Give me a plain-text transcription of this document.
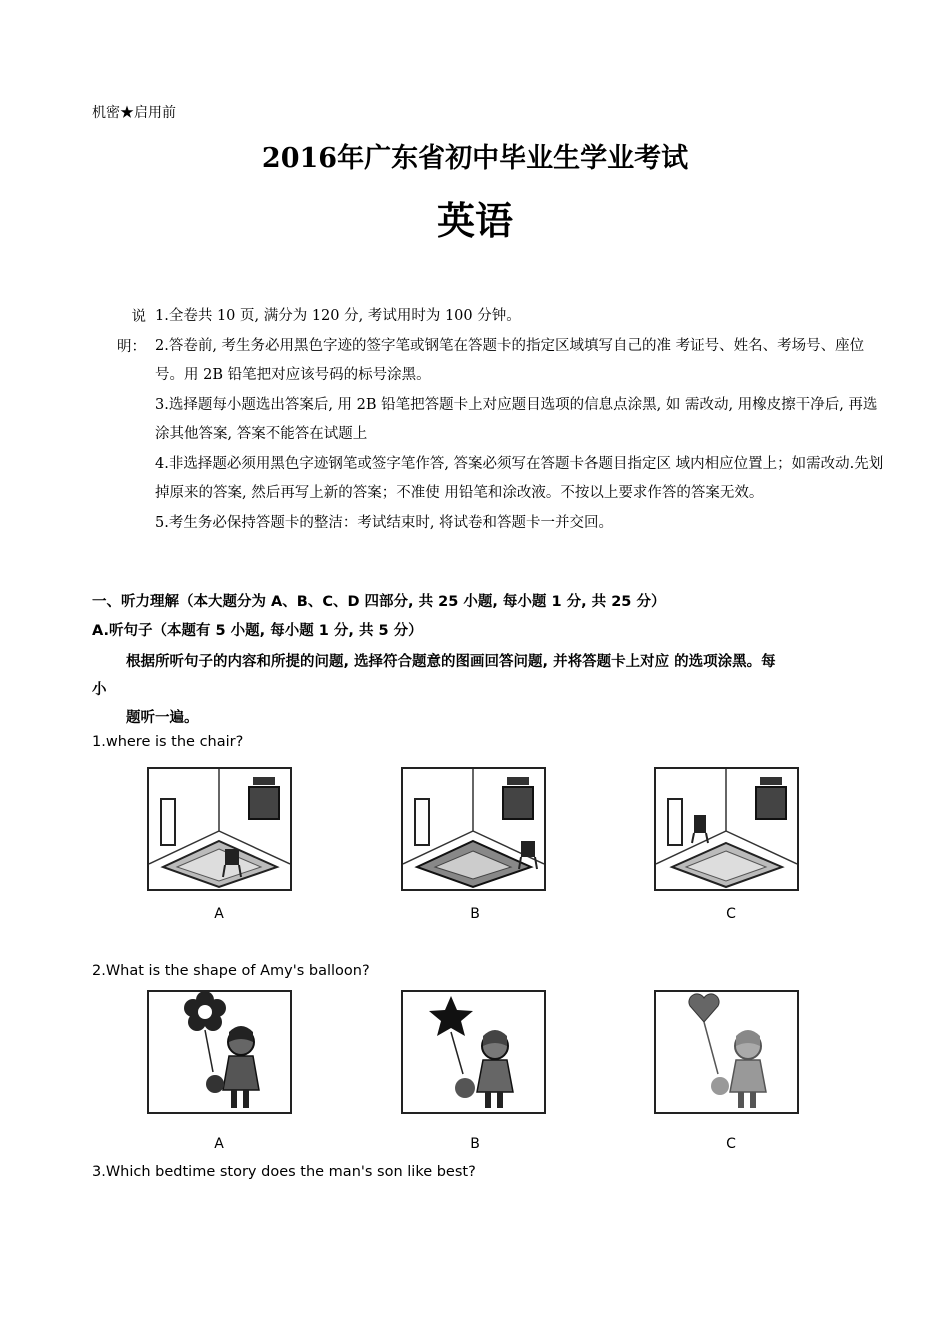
机密★启用前
2016年广东省初中毕业生学业考试
英语
说
明：

1.全卷共 10 页, 满分为 120 分, 考试用时为 100 分钟。

2.答卷前, 考生务必用黑色字迹的签字笔或钢笔在答题卡的指定区域填写自己的准 考证号、姓名、考场号、座位号。用 2B 铅笔把对应该号码的标号涂黑。

3.选择题每小题选出答案后, 用 2B 铅笔把答题卡上对应题目选项的信息点涂黑, 如 需改动, 用橡皮擦干净后, 再选涂其他答案, 答案不能答在试题上

4.非选择题必须用黑色字迹钢笔或签字笔作答, 答案必须写在答题卡各题目指定区 域内相应位置上；如需改动.先划掉原来的答案, 然后再写上新的答案；不准使 用铅笔和涂改液。不按以上要求作答的答案无效。

5.考生务必保持答题卡的整洁：考试结束时, 将试卷和答题卡一并交回。

一、听力理解（本大题分为 A、B、C、D 四部分, 共 25 小题, 每小题 1 分, 共 25 分）
A.听句子（本题有 5 小题, 每小题 1 分, 共 5 分）
根据所听句子的内容和所提的问题, 选择符合题意的图画回答问题, 并将答题卡上对应 的选项涂黑。每
小
题听一遍。
1.where is the chair?
A	B	C
2.What is the shape of Amy's balloon?
A	B	C
3.Which bedtime story does the man's son like best?
